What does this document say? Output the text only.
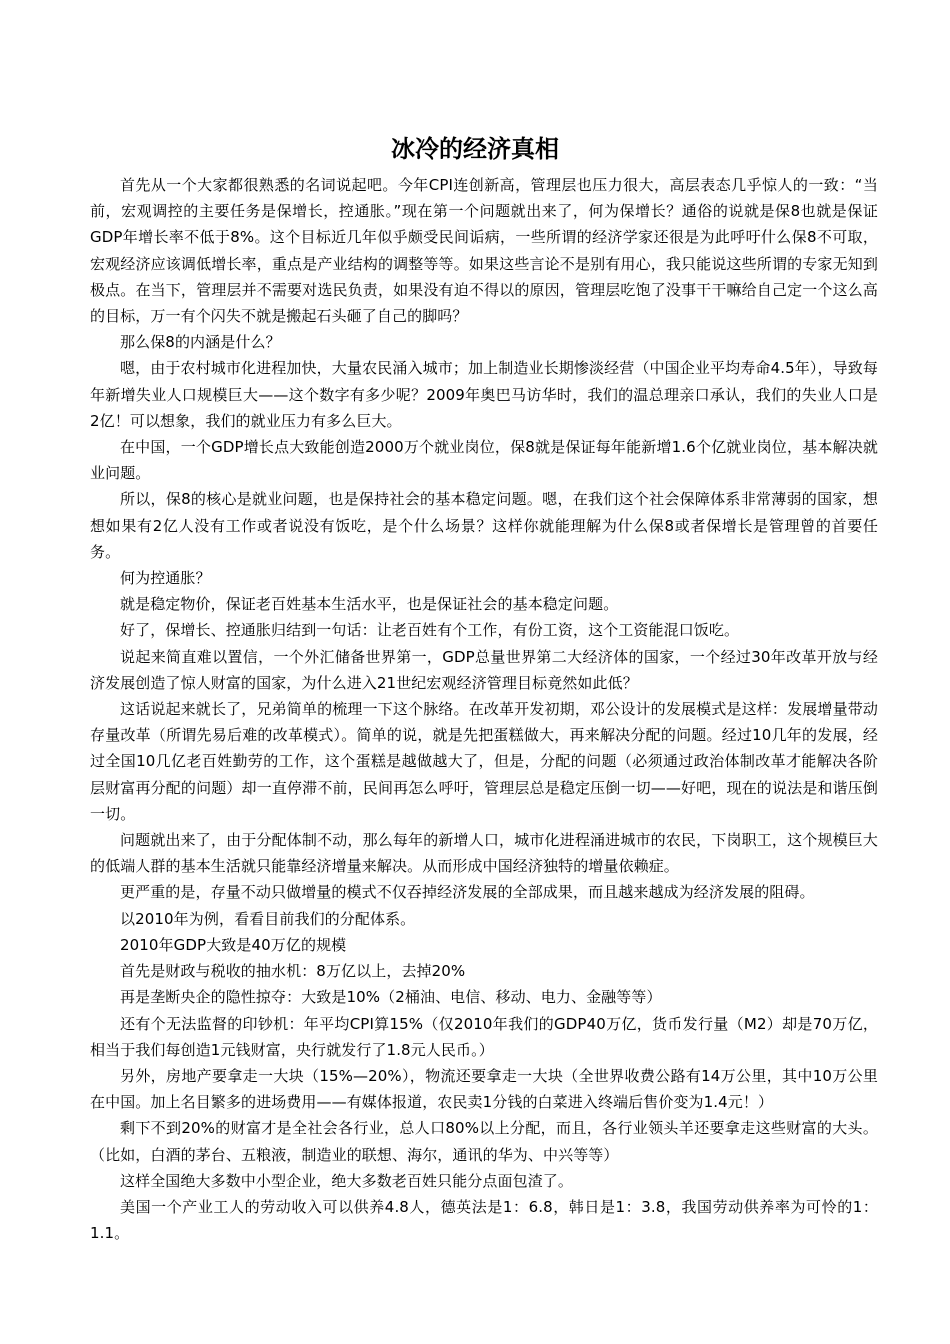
冰冷的经济真相

首先从一个大家都很熟悉的名词说起吧。今年CPI连创新高，管理层也压力很大，高层表态几乎惊人的一致：“当前，宏观调控的主要任务是保增长，控通胀。”现在第一个问题就出来了，何为保增长？通俗的说就是保8也就是保证GDP年增长率不低于8%。这个目标近几年似乎颇受民间诟病，一些所谓的经济学家还很是为此呼吁什么保8不可取，宏观经济应该调低增长率，重点是产业结构的调整等等。如果这些言论不是别有用心，我只能说这些所谓的专家无知到极点。在当下，管理层并不需要对选民负责，如果没有迫不得以的原因，管理层吃饱了没事干干嘛给自己定一个这么高的目标，万一有个闪失不就是搬起石头砸了自己的脚吗？

那么保8的内涵是什么？

嗯，由于农村城市化进程加快，大量农民涌入城市；加上制造业长期惨淡经营（中国企业平均寿命4.5年），导致每年新增失业人口规模巨大——这个数字有多少呢？2009年奥巴马访华时，我们的温总理亲口承认，我们的失业人口是2亿！可以想象，我们的就业压力有多么巨大。

在中国，一个GDP增长点大致能创造2000万个就业岗位，保8就是保证每年能新增1.6个亿就业岗位，基本解决就业问题。

所以，保8的核心是就业问题，也是保持社会的基本稳定问题。嗯，在我们这个社会保障体系非常薄弱的国家，想想如果有2亿人没有工作或者说没有饭吃，是个什么场景？这样你就能理解为什么保8或者保增长是管理曾的首要任务。

何为控通胀？

就是稳定物价，保证老百姓基本生活水平，也是保证社会的基本稳定问题。

好了，保增长、控通胀归结到一句话：让老百姓有个工作，有份工资，这个工资能混口饭吃。

说起来简直难以置信，一个外汇储备世界第一，GDP总量世界第二大经济体的国家，一个经过30年改革开放与经济发展创造了惊人财富的国家，为什么进入21世纪宏观经济管理目标竟然如此低？

这话说起来就长了，兄弟简单的梳理一下这个脉络。在改革开发初期，邓公设计的发展模式是这样：发展增量带动存量改革（所谓先易后难的改革模式）。简单的说，就是先把蛋糕做大，再来解决分配的问题。经过10几年的发展，经过全国10几亿老百姓勤劳的工作，这个蛋糕是越做越大了，但是，分配的问题（必须通过政治体制改革才能解决各阶层财富再分配的问题）却一直停滞不前，民间再怎么呼吁，管理层总是稳定压倒一切——好吧，现在的说法是和谐压倒一切。

问题就出来了，由于分配体制不动，那么每年的新增人口，城市化进程涌进城市的农民，下岗职工，这个规模巨大的低端人群的基本生活就只能靠经济增量来解决。从而形成中国经济独特的增量依赖症。

更严重的是，存量不动只做增量的模式不仅吞掉经济发展的全部成果，而且越来越成为经济发展的阻碍。

以2010年为例，看看目前我们的分配体系。

2010年GDP大致是40万亿的规模

首先是财政与税收的抽水机：8万亿以上，去掉20%

再是垄断央企的隐性掠夺：大致是10%（2桶油、电信、移动、电力、金融等等）

还有个无法监督的印钞机：年平均CPI算15%（仅2010年我们的GDP40万亿，货币发行量（M2）却是70万亿，相当于我们每创造1元钱财富，央行就发行了1.8元人民币。）

另外，房地产要拿走一大块（15%—20%），物流还要拿走一大块（全世界收费公路有14万公里，其中10万公里在中国。加上名目繁多的进场费用——有媒体报道，农民卖1分钱的白菜进入终端后售价变为1.4元！）

剩下不到20%的财富才是全社会各行业，总人口80%以上分配，而且，各行业领头羊还要拿走这些财富的大头。（比如，白酒的茅台、五粮液，制造业的联想、海尔，通讯的华为、中兴等等）

这样全国绝大多数中小型企业，绝大多数老百姓只能分点面包渣了。

美国一个产业工人的劳动收入可以供养4.8人，德英法是1：6.8，韩日是1：3.8，我国劳动供养率为可怜的1：1.1。
